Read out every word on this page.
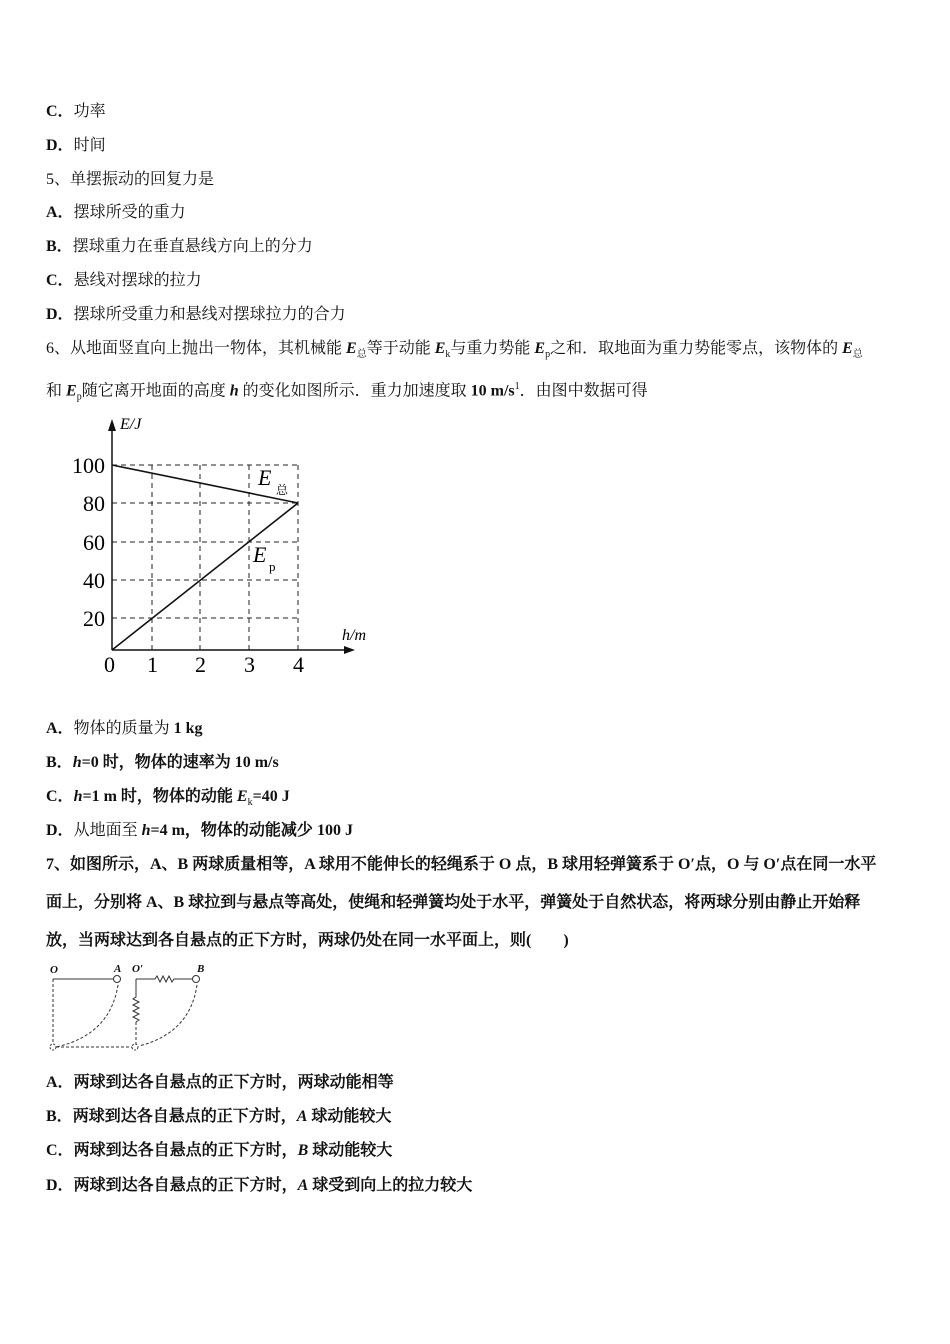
C．功率
D．时间
5、单摆振动的回复力是
A．摆球所受的重力
B．摆球重力在垂直悬线方向上的分力
C．悬线对摆球的拉力
D．摆球所受重力和悬线对摆球拉力的合力
6、从地面竖直向上抛出一物体，其机械能 $E_总$等于动能 $E_k$与重力势能 $E_p$之和．取地面为重力势能零点，该物体的 $E_总$
和 $E_p$随它离开地面的高度 h 的变化如图所示．重力加速度取 10 $m/s^1$．由图中数据可得
E/J
h/m
0 1 2 3 4
20
40
60
80
100	E 总
E p
A．物体的质量为 1 kg
B．h=0 时，物体的速率为 10 m/s
C．h=1 m 时，物体的动能 $E_k=40$ J
D．从地面至 h=4 m，物体的动能减少 100 J
7、如图所示，A、B 两球质量相等，A 球用不能伸长的轻绳系于 O 点，B 球用轻弹簧系于 O′点，O 与 O′点在同一水平
面上，分别将 A、B 球拉到与悬点等高处，使绳和轻弹簧均处于水平，弹簧处于自然状态，将两球分别由静止开始释
放，当两球达到各自悬点的正下方时，两球仍处在同一水平面上，则(　　)
O	A O′	B
A．两球到达各自悬点的正下方时，两球动能相等
B．两球到达各自悬点的正下方时，A 球动能较大
C．两球到达各自悬点的正下方时，B 球动能较大
D．两球到达各自悬点的正下方时，A 球受到向上的拉力较大
